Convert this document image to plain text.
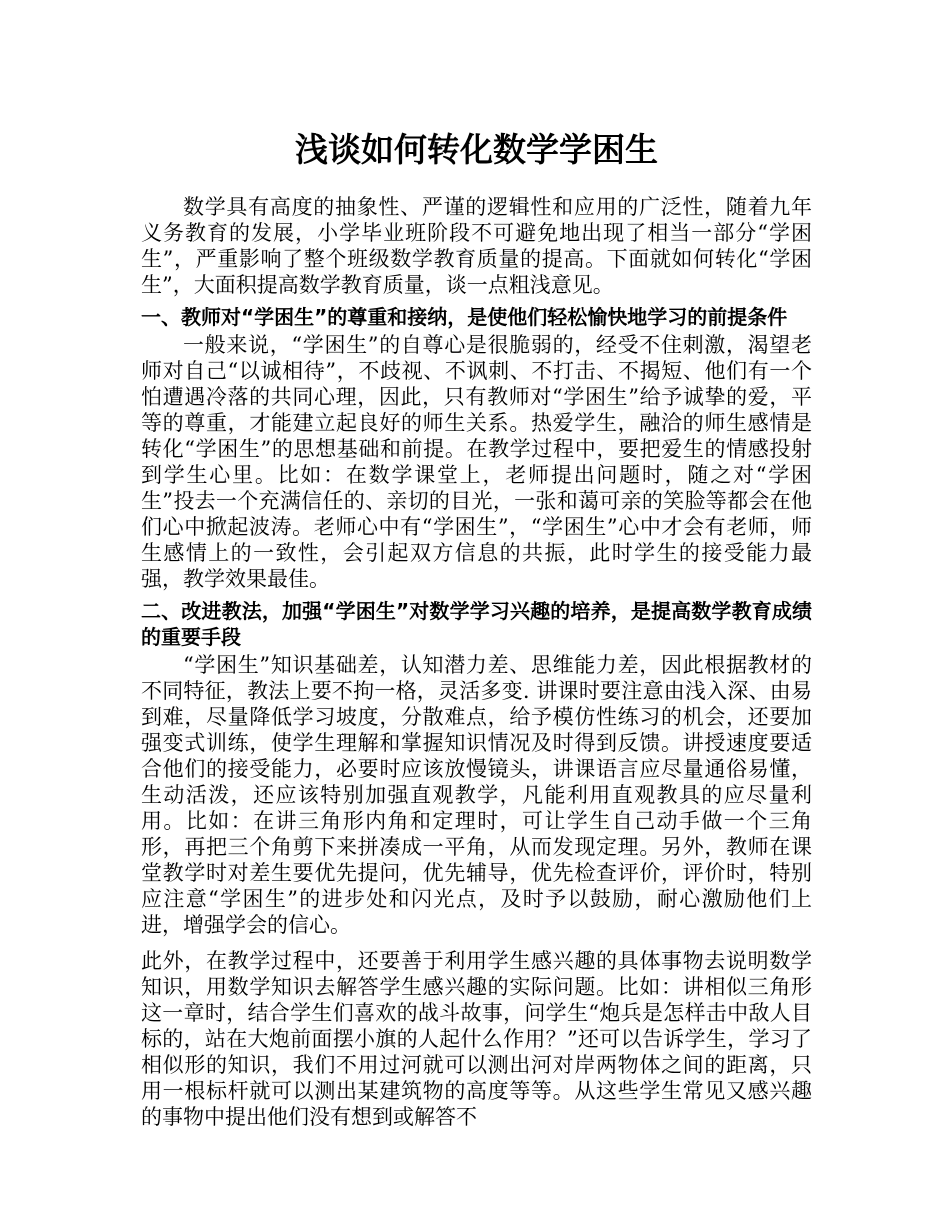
浅谈如何转化数学学困生

数学具有高度的抽象性、严谨的逻辑性和应用的广泛性，随着九年义务教育的发展，小学毕业班阶段不可避免地出现了相当一部分“学困生”，严重影响了整个班级数学教育质量的提高。下面就如何转化“学困生”，大面积提高数学教育质量，谈一点粗浅意见。

一、教师对“学困生”的尊重和接纳，是使他们轻松愉快地学习的前提条件

一般来说，“学困生”的自尊心是很脆弱的，经受不住刺激，渴望老师对自己“以诚相待”，不歧视、不讽刺、不打击、不揭短、他们有一个怕遭遇冷落的共同心理，因此，只有教师对“学困生”给予诚挚的爱，平等的尊重，才能建立起良好的师生关系。热爱学生，融洽的师生感情是转化“学困生”的思想基础和前提。在教学过程中，要把爱生的情感投射到学生心里。比如：在数学课堂上，老师提出问题时，随之对“学困生”投去一个充满信任的、亲切的目光，一张和蔼可亲的笑脸等都会在他们心中掀起波涛。老师心中有“学困生”，“学困生”心中才会有老师，师生感情上的一致性，会引起双方信息的共振，此时学生的接受能力最强，教学效果最佳。

二、改进教法，加强“学困生”对数学学习兴趣的培养，是提高数学教育成绩的重要手段

“学困生”知识基础差，认知潜力差、思维能力差，因此根据教材的不同特征，教法上要不拘一格，灵活多变. 讲课时要注意由浅入深、由易到难，尽量降低学习坡度，分散难点，给予模仿性练习的机会，还要加强变式训练，使学生理解和掌握知识情况及时得到反馈。讲授速度要适合他们的接受能力，必要时应该放慢镜头，讲课语言应尽量通俗易懂，生动活泼，还应该特别加强直观教学，凡能利用直观教具的应尽量利用。比如：在讲三角形内角和定理时，可让学生自己动手做一个三角形，再把三个角剪下来拼凑成一平角，从而发现定理。另外，教师在课堂教学时对差生要优先提问，优先辅导，优先检查评价，评价时，特别应注意“学困生”的进步处和闪光点，及时予以鼓励，耐心激励他们上进，增强学会的信心。

此外，在教学过程中，还要善于利用学生感兴趣的具体事物去说明数学知识，用数学知识去解答学生感兴趣的实际问题。比如：讲相似三角形这一章时，结合学生们喜欢的战斗故事，问学生“炮兵是怎样击中敌人目标的，站在大炮前面摆小旗的人起什么作用？”还可以告诉学生，学习了相似形的知识，我们不用过河就可以测出河对岸两物体之间的距离，只用一根标杆就可以测出某建筑物的高度等等。从这些学生常见又感兴趣的事物中提出他们没有想到或解答不
